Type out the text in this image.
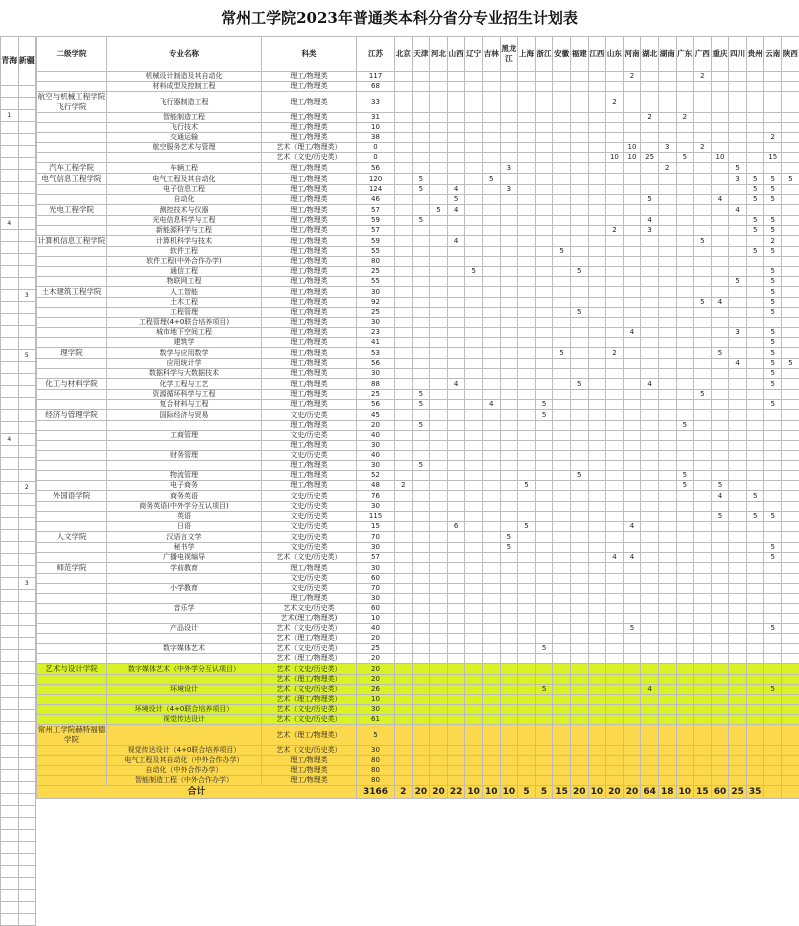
常州工学院2023年普通类本科分省分专业招生计划表
青海	新疆

1	

4	

	3

	5

4	

	2

	3

二级学院	专业名称	科类	江苏	北京	天津	河北	山西	辽宁	吉林	黑龙江	上海	浙江	安徽	福建	江西	山东	河南	湖北	湖南	广东	广西	重庆	四川	贵州	云南	陕西
	机械设计制造及其自动化	理工/物理类	117														2				2					
	材料成型及控制工程	理工/物理类	68																							
航空与机械工程学院 飞行学院	飞行器制造工程	理工/物理类	33													2										
	智能制造工程	理工/物理类	31															2		2						
	飞行技术	理工/物理类	10																							
	交通运输	理工/物理类	38																						2	
	航空服务艺术与管理	艺术（理工/物理类）	0														10		3		2					
		艺术（文史/历史类）	0													10	10	25		5		10			15	
汽车工程学院	车辆工程	理工/物理类	56							3									2				5			
电气信息工程学院	电气工程及其自动化	理工/物理类	120		5				5														3	5	5	5
	电子信息工程	理工/物理类	124		5		4			3														5	5	
	自动化	理工/物理类	46				5											5				4		5	5	
光电工程学院	测控技术与仪器	理工/物理类	57			5	4																4			
	光电信息科学与工程	理工/物理类	59		5													4						5	5	
	新能源科学与工程	理工/物理类	57													2		3						5	5	
计算机信息工程学院	计算机科学与技术	理工/物理类	59				4														5				2	
	软件工程	理工/物理类	55										5											5	5	
	软件工程(中外合作办学)	理工/物理类	80																							
	通信工程	理工/物理类	25					5						5											5	
	物联网工程	理工/物理类	55																				5		5	
土木建筑工程学院	人工智能	理工/物理类	30																						5	
	土木工程	理工/物理类	92																		5	4			5	
	工程管理	理工/物理类	25											5											5	
	工程管理(4+0联合培养项目)	理工/物理类	30																							
	城市地下空间工程	理工/物理类	23														4						3		5	
	建筑学	理工/物理类	41																						5	
理学院	数学与应用数学	理工/物理类	53										5			2						5			5	
	应用统计学	理工/物理类	56																				4		5	5
	数据科学与大数据技术	理工/物理类	30																						5	
化工与材料学院	化学工程与工艺	理工/物理类	88				4							5				4							5	
	资源循环科学与工程	理工/物理类	25		5																5					
	复合材料与工程	理工/物理类	56		5				4			5													5	
经济与管理学院	国际经济与贸易	文史/历史类	45									5														
		理工/物理类	20		5															5						
	工商管理	文史/历史类	40																							
		理工/物理类	30																							
	财务管理	文史/历史类	40																							
		理工/物理类	30		5																					
	物流管理	理工/物理类	52											5						5						
	电子商务	理工/物理类	48	2							5									5		5				
外国语学院	商务英语	文史/历史类	76																			4		5		
	商务英语(中外学分互认项目)	文史/历史类	30																							
	英语	文史/历史类	115																			5		5	5	
	日语	文史/历史类	15				6				5						4									
人文学院	汉语言文学	文史/历史类	70							5																
	秘书学	文史/历史类	30							5															5	
	广播电视编导	艺术（文史/历史类）	57													4	4								5	
师范学院	学前教育	理工/物理类	30																							
		文史/历史类	60																							
	小学教育	文史/历史类	70																							
		理工/物理类	30																							
	音乐学	艺术文史/历史类	60																							
		艺术(理工/物理类)	10																							
	产品设计	艺术（文史/历史类）	40														5								5	
		艺术（理工/物理类）	20																							
	数字媒体艺术	艺术（文史/历史类）	25									5														
		艺术（理工/物理类）	20																							
艺术与设计学院	数字媒体艺术（中外学分互认项目）	艺术（文史/历史类）	20																							
		艺术（理工/物理类）	20																							
	环境设计	艺术（文史/历史类）	26									5						4							5	
		艺术（理工/物理类）	10																							
	环境设计（4+0联合培养项目）	艺术（文史/历史类）	30																							
	视觉传达设计	艺术（文史/历史类）	61																							
常州工学院赫特福德学院		艺术（理工/物理类）	5																							
	视觉传达设计（4+0联合培养项目）	艺术（文史/历史类）	30																							
	电气工程及其自动化（中外合作办学）	理工/物理类	80																							
	自动化（中外合作办学）	理工/物理类	80																							
	智能制造工程（中外合作办学）	理工/物理类	80																							
合计			3166	2	20	20	22	10	10	10	5	5	15	20	10	20	20	64	18	10	15	60	25	35		
